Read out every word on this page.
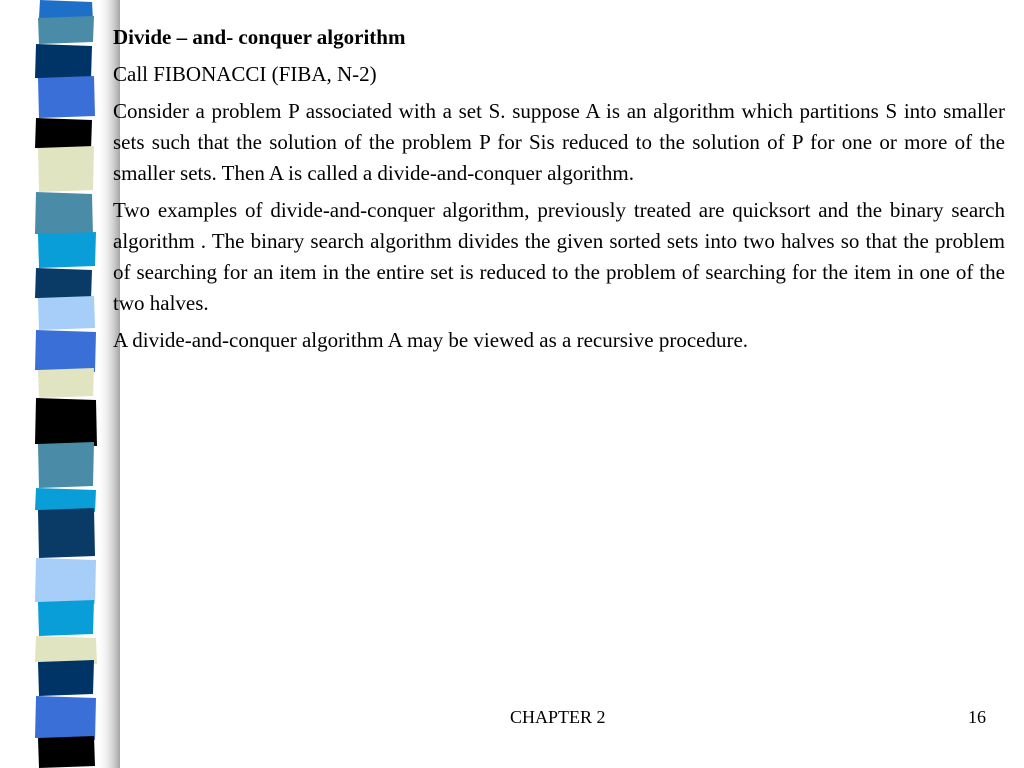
Divide – and- conquer algorithm

Call FIBONACCI (FIBA, N-2)

Consider a problem P associated with a set S. suppose A is an algorithm which partitions S into smaller sets such that the solution of the problem P for Sis reduced to the solution of P for one or more of the smaller sets. Then A is called a divide-and-conquer algorithm.

Two examples of divide-and-conquer algorithm, previously treated are quicksort and the binary search algorithm . The binary search algorithm divides the given sorted sets into two halves so that the problem of searching for an item in the entire set is reduced to the problem of searching for the item in one of the two halves.

A divide-and-conquer algorithm A may be viewed as a recursive procedure.

CHAPTER 2	16
